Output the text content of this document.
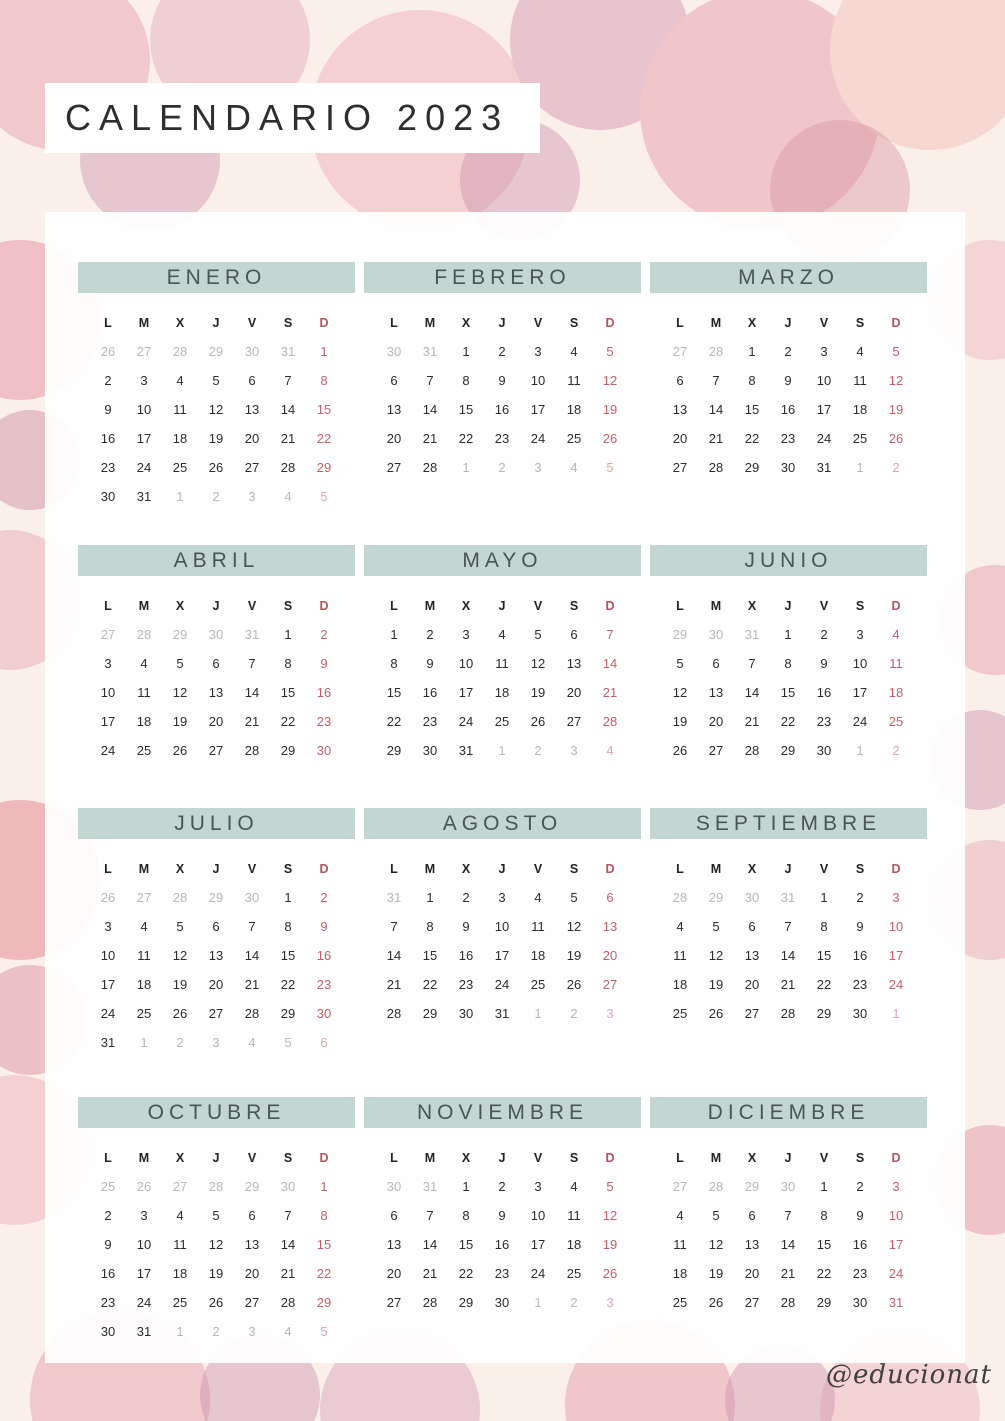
CALENDARIO 2023
ENERO
L	M	X	J	V	S	D
26	27	28	29	30	31	1
2	3	4	5	6	7	8
9	10	11	12	13	14	15
16	17	18	19	20	21	22
23	24	25	26	27	28	29
30	31	1	2	3	4	5
FEBRERO
L	M	X	J	V	S	D
30	31	1	2	3	4	5
6	7	8	9	10	11	12
13	14	15	16	17	18	19
20	21	22	23	24	25	26
27	28	1	2	3	4	5
MARZO
L	M	X	J	V	S	D
27	28	1	2	3	4	5
6	7	8	9	10	11	12
13	14	15	16	17	18	19
20	21	22	23	24	25	26
27	28	29	30	31	1	2
ABRIL
L	M	X	J	V	S	D
27	28	29	30	31	1	2
3	4	5	6	7	8	9
10	11	12	13	14	15	16
17	18	19	20	21	22	23
24	25	26	27	28	29	30
MAYO
L	M	X	J	V	S	D
1	2	3	4	5	6	7
8	9	10	11	12	13	14
15	16	17	18	19	20	21
22	23	24	25	26	27	28
29	30	31	1	2	3	4
JUNIO
L	M	X	J	V	S	D
29	30	31	1	2	3	4
5	6	7	8	9	10	11
12	13	14	15	16	17	18
19	20	21	22	23	24	25
26	27	28	29	30	1	2
JULIO
L	M	X	J	V	S	D
26	27	28	29	30	1	2
3	4	5	6	7	8	9
10	11	12	13	14	15	16
17	18	19	20	21	22	23
24	25	26	27	28	29	30
31	1	2	3	4	5	6
AGOSTO
L	M	X	J	V	S	D
31	1	2	3	4	5	6
7	8	9	10	11	12	13
14	15	16	17	18	19	20
21	22	23	24	25	26	27
28	29	30	31	1	2	3
SEPTIEMBRE
L	M	X	J	V	S	D
28	29	30	31	1	2	3
4	5	6	7	8	9	10
11	12	13	14	15	16	17
18	19	20	21	22	23	24
25	26	27	28	29	30	1
OCTUBRE
L	M	X	J	V	S	D
25	26	27	28	29	30	1
2	3	4	5	6	7	8
9	10	11	12	13	14	15
16	17	18	19	20	21	22
23	24	25	26	27	28	29
30	31	1	2	3	4	5
NOVIEMBRE
L	M	X	J	V	S	D
30	31	1	2	3	4	5
6	7	8	9	10	11	12
13	14	15	16	17	18	19
20	21	22	23	24	25	26
27	28	29	30	1	2	3
DICIEMBRE
L	M	X	J	V	S	D
27	28	29	30	1	2	3
4	5	6	7	8	9	10
11	12	13	14	15	16	17
18	19	20	21	22	23	24
25	26	27	28	29	30	31
@educionat
